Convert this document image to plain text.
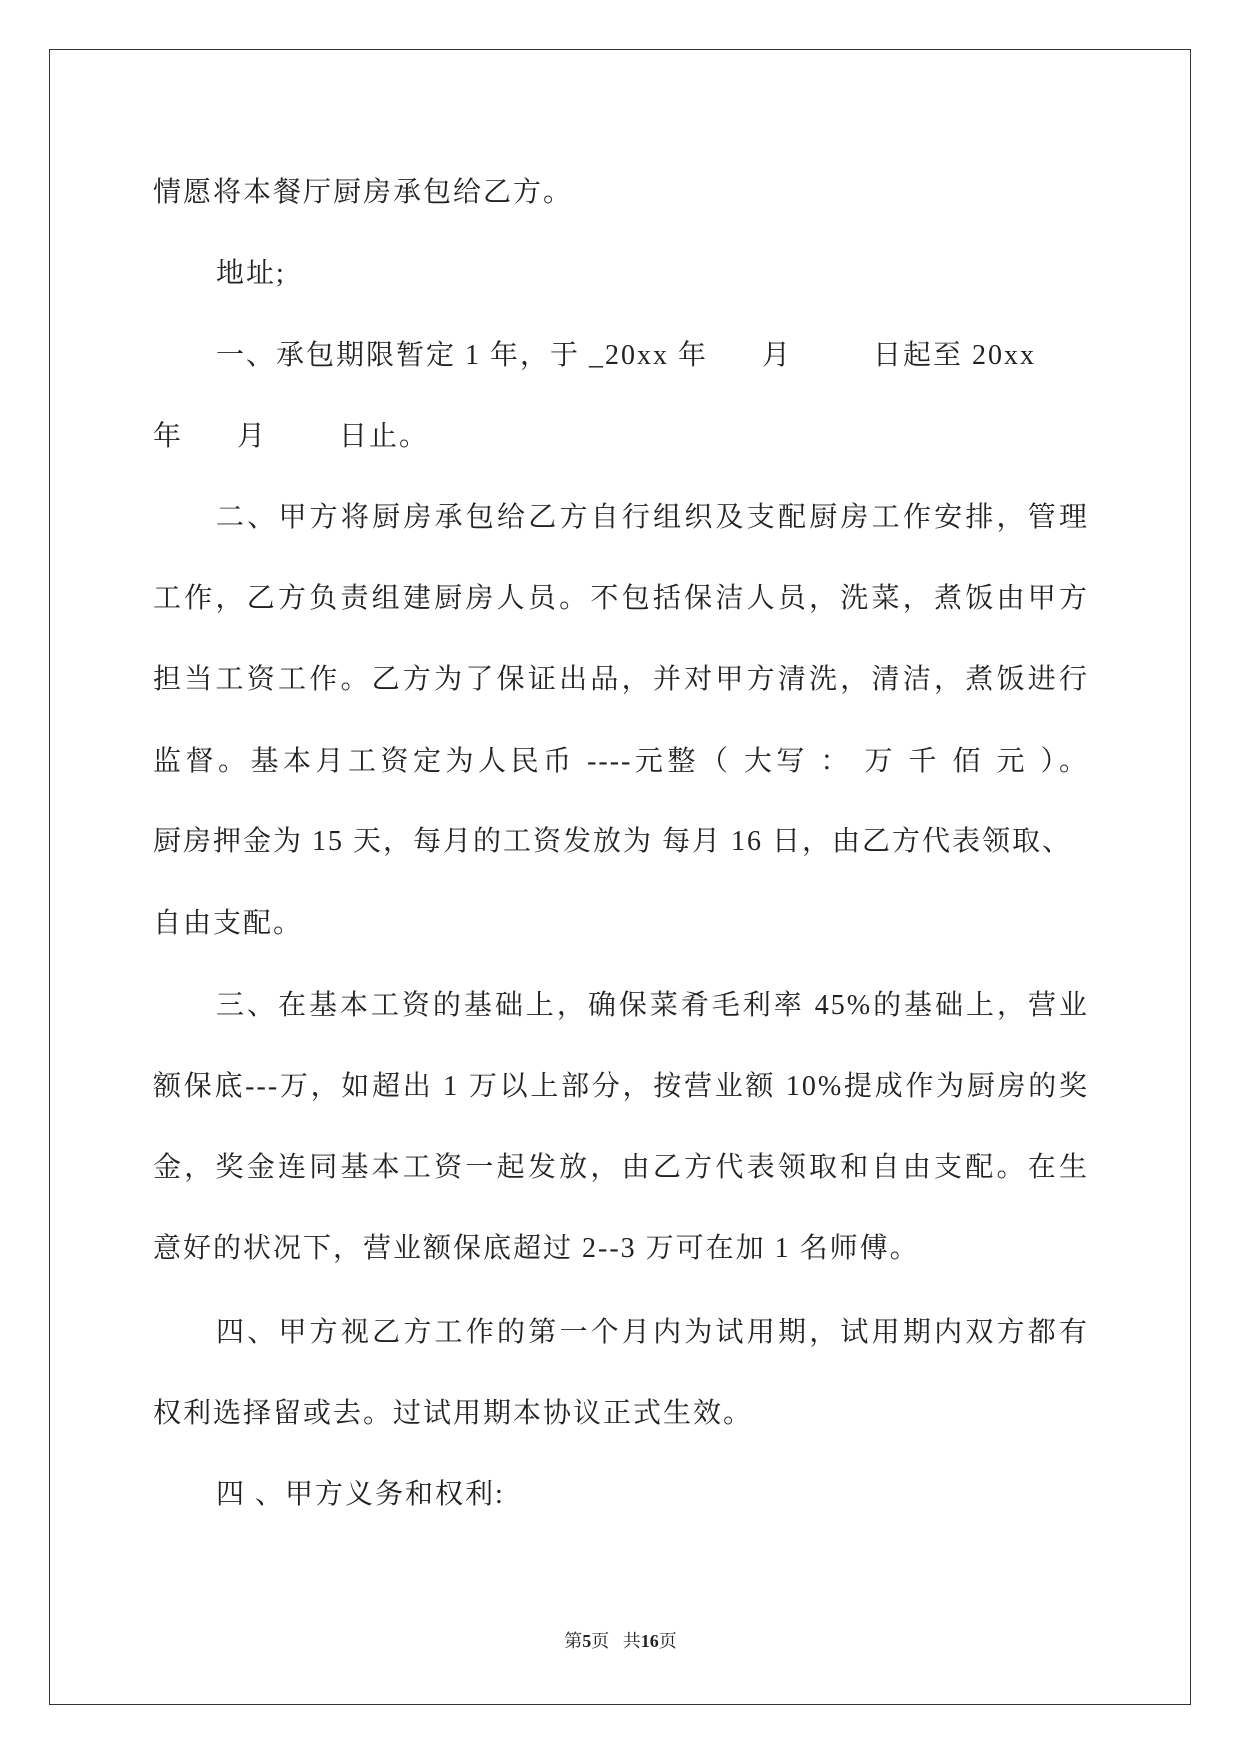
情愿将本餐厅厨房承包给乙方。
地址;
一、承包期限暂定 1 年，于 _20xx 年      月         日起至 20xx
年      月        日止。
二、甲方将厨房承包给乙方自行组织及支配厨房工作安排，管理
工作，乙方负责组建厨房人员。不包括保洁人员，洗菜，煮饭由甲方
担当工资工作。乙方为了保证出品，并对甲方清洗，清洁，煮饭进行
监督。基本月工资定为人民币 ----元整（ 大写 ： 万 千 佰 元 ）。
厨房押金为 15 天，每月的工资发放为 每月 16 日，由乙方代表领取、
自由支配。
三、在基本工资的基础上，确保菜肴毛利率 45%的基础上，营业
额保底---万，如超出 1 万以上部分，按营业额 10%提成作为厨房的奖
金，奖金连同基本工资一起发放，由乙方代表领取和自由支配。在生
意好的状况下，营业额保底超过 2--3 万可在加 1 名师傅。
四、甲方视乙方工作的第一个月内为试用期，试用期内双方都有
权利选择留或去。过试用期本协议正式生效。
四 、甲方义务和权利:
第5页 共16页
